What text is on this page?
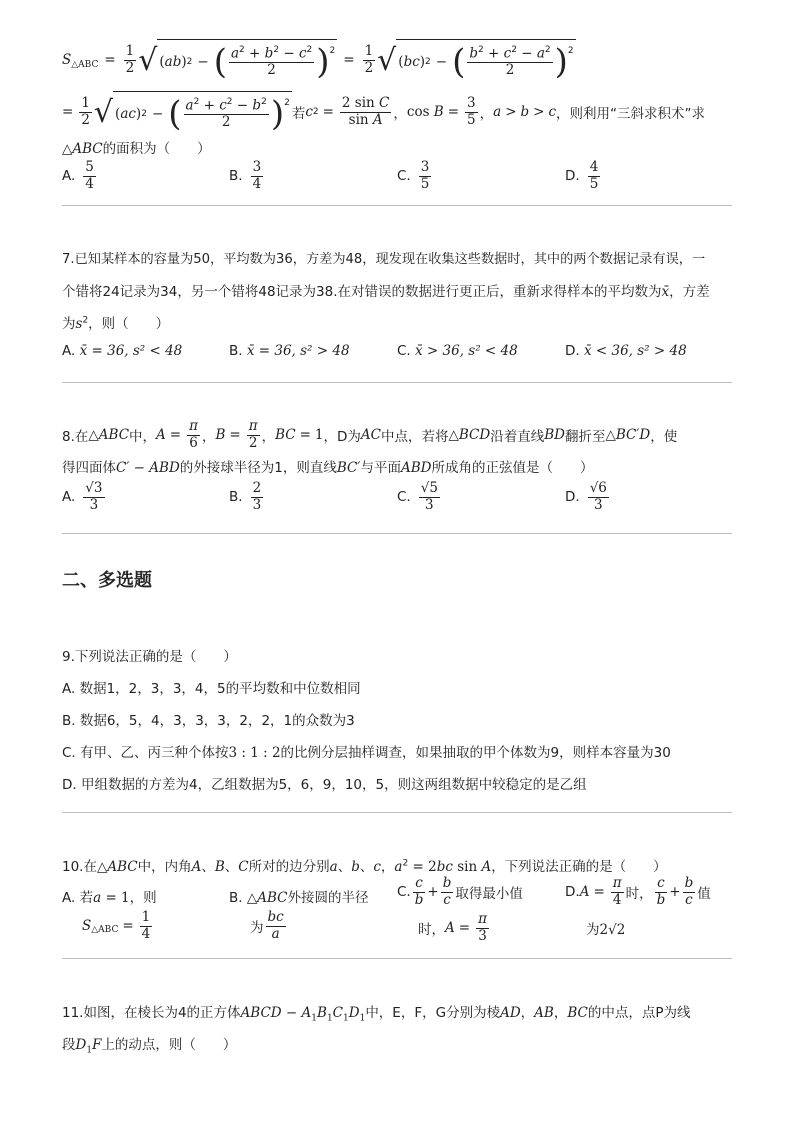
$S_{\triangle ABC} = \frac{1}{2}$ √ ( ab ) 2 − ( $\frac{a^2 + b^2 - c^2}{2} )^2$
= $\frac{1}{2}$ √ ( bc ) 2 − ( $\frac{b^2 + c^2 - a^2}{2} )^2$
= $\frac{1}{2}$ √ ( ac ) 2 − ( $\frac{a^2 + c^2 - b^2}{2} )^2$
若 c $2 = \frac{\text{2 sin C}}{\text{sin A}}$ ， $\cos B = \frac{3}{5}$ ， a > b > c ，则利用“三斜求积术”求
△ABC的面积为（　　）
A. $\frac{5}{4}$	B. $\frac{3}{4}$	C. $\frac{3}{5}$	D. $\frac{4}{5}$
7.已知某样本的容量为50，平均数为36，方差为48，现发现在收集这些数据时，其中的两个数据记录有误，一
个错将24记录为34，另一个错将48记录为38.在对错误的数据进行更正后，重新求得样本的平均数为x̄，方差
为$s^2$，则（　　）
A. x̄ = 36, s² < 48	B. x̄ = 36, s² > 48	C. x̄ > 36, s² < 48	D. x̄ < 36, s² > 48
8.在 △ ABC 中， $A = \frac{\pi}{6}$ ， $B = \frac{\pi}{2}$ ， BC = 1 ，D为 AC 中点，若将 △ BCD 沿着直线 BD 翻折至 △ BC′D ，使
得四面体C′ − ABD的外接球半径为1，则直线BC′与平面ABD所成角的正弦值是（　　）
A. $\frac{√3}{3}$	B. $\frac{2}{3}$	C. $\frac{√5}{3}$	D. $\frac{√6}{3}$
二、多选题
9.下列说法正确的是（　　）
A. 数据1，2，3，3，4，5的平均数和中位数相同
B. 数据6，5，4，3，3，3，2，2，1的众数为3
C. 有甲、乙、丙三种个体按3 : 1 : 2的比例分层抽样调查，如果抽取的甲个体数为9，则样本容量为30
D. 甲组数据的方差为4，乙组数据为5，6，9，10，5，则这两组数据中较稳定的是乙组
10.在△ABC中，内角A、B、C所对的边分别a、b、c，$a^2 = 2bc$ sin A，下列说法正确的是（　　）
A. 若a = 1，则
$S_{\triangle ABC} = \frac{1}{4}$
B. △ABC外接圆的半径
为 $\frac{bc}{a}$
C. $\frac{c}{b} + \frac{b}{c}$ 取得最小值
时， $A = \frac{\pi}{3}$
D. $A = \frac{\pi}{4}$ 时， $\frac{c}{b} + \frac{b}{c}$ 值
为2√2
11.如图，在棱长为4的正方体ABCD − $A_1B_1C_1D_1$中，E，F，G分别为棱AD，AB，BC的中点，点P为线
段$D_1F$上的动点，则（　　）
